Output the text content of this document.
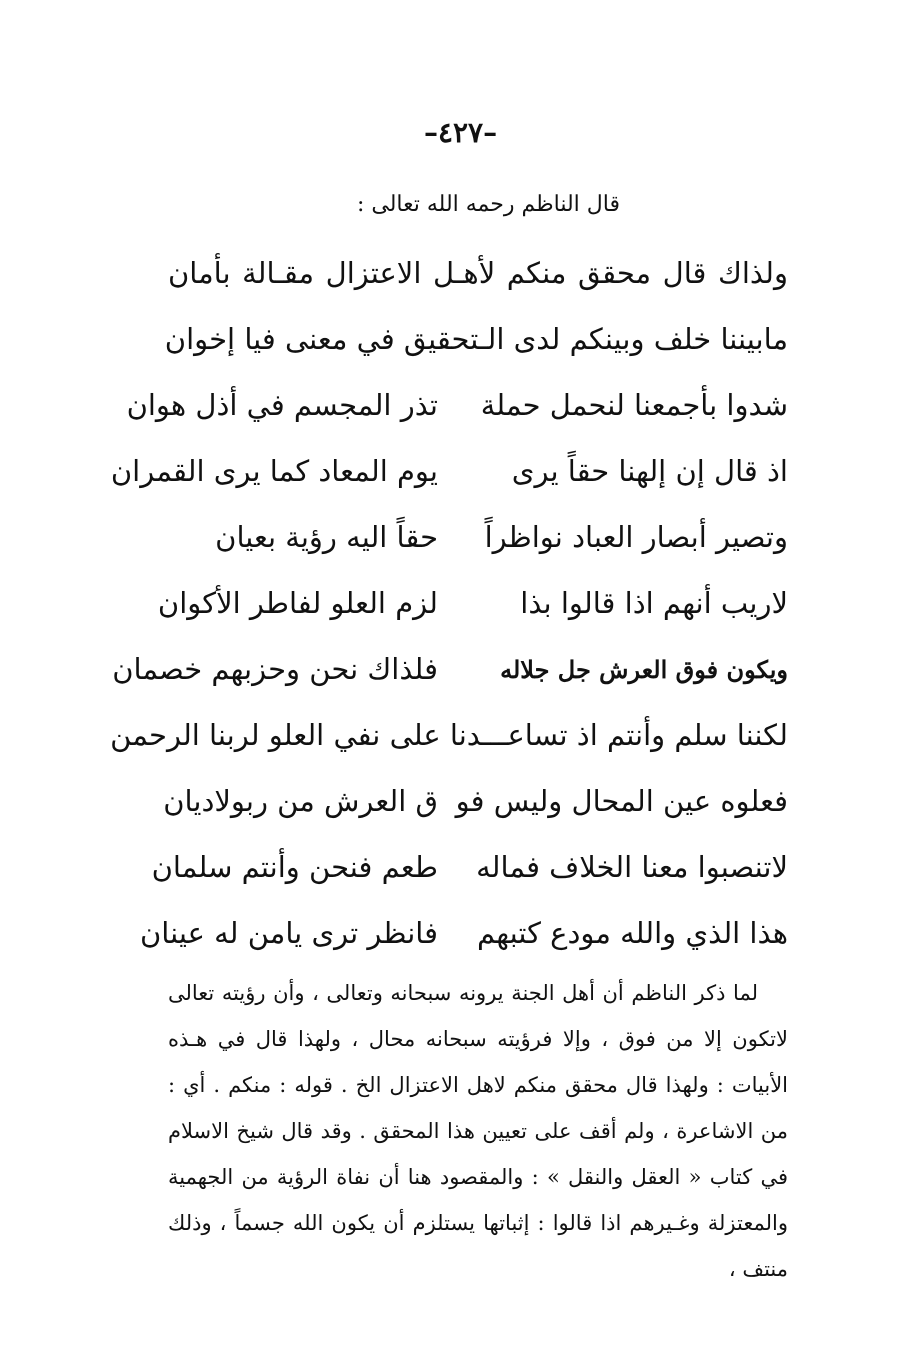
–٤٢٧–
قال الناظم رحمه الله تعالى :
ولذاك قال محقق منكم لأهـل الاعتزال مقـالة بأمان
مابيننا خلف وبينكم لدى الـتحقيق في معنى فيا إخوان
شدوا بأجمعنا لنحمل حملة
تذر المجسم في أذل هوان
اذ قال إن إلهنا حقاً يرى
يوم المعاد كما يرى القمران
وتصير أبصار العباد نواظراً
حقاً اليه رؤية بعيان
لاريب أنهم اذا قالوا بذا
لزم العلو لفاطر الأكوان
ويكون فوق العرش جل جلاله
فلذاك نحن وحزبهم خصمان
لكننا سلم وأنتم اذ تساعـــدنا على نفي العلو لربنا الرحمن
فعلوه عين المحال وليس فو
ق العرش من ربولاديان
لاتنصبوا معنا الخلاف فماله
طعم فنحن وأنتم سلمان
هذا الذي والله مودع كتبهم
فانظر ترى يامن له عينان

لما ذكر الناظم أن أهل الجنة يرونه سبحانه وتعالى ، وأن رؤيته تعالى لاتكون إلا من فوق ، وإلا فرؤيته سبحانه محال ، ولهذا قال في هـذه الأبيات : ولهذا قال محقق منكم لاهل الاعتزال الخ . قوله : منكم . أي : من الاشاعرة ، ولم أقف على تعيين هذا المحقق . وقد قال شيخ الاسلام في كتاب « العقل والنقل » : والمقصود هنا أن نفاة الرؤية من الجهمية والمعتزلة وغـيرهم اذا قالوا : إثباتها يستلزم أن يكون الله جسماً ، وذلك منتف ،
